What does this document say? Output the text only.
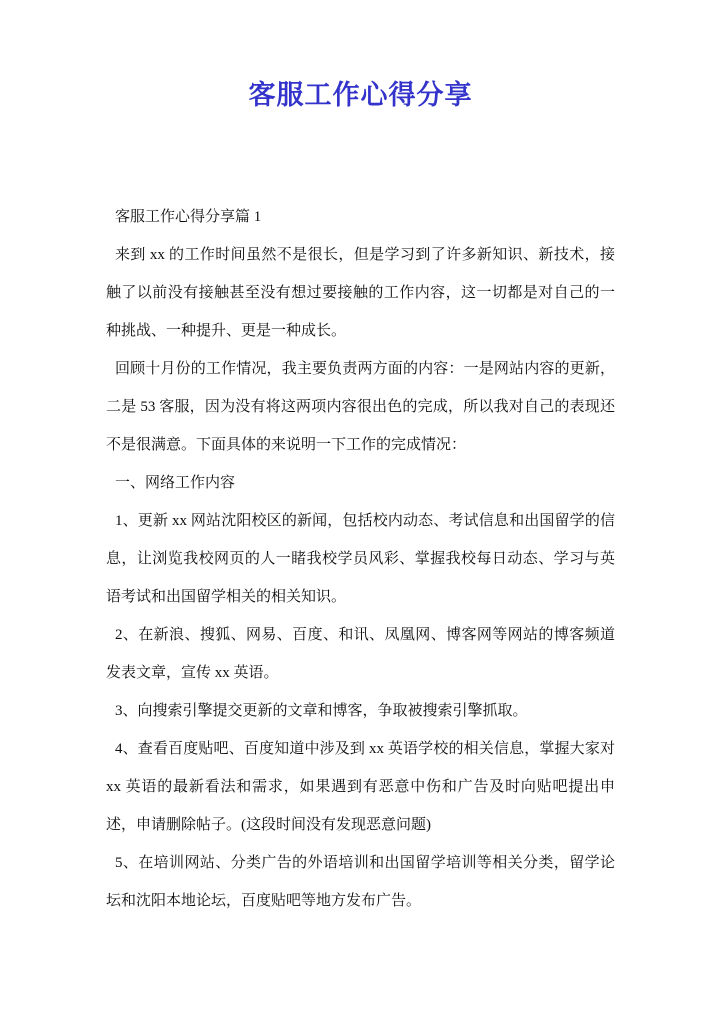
客服工作心得分享

客服工作心得分享篇 1

来到 xx 的工作时间虽然不是很长，但是学习到了许多新知识、新技术，接触了以前没有接触甚至没有想过要接触的工作内容，这一切都是对自己的一种挑战、一种提升、更是一种成长。

回顾十月份的工作情况，我主要负责两方面的内容：一是网站内容的更新，二是 53 客服，因为没有将这两项内容很出色的完成，所以我对自己的表现还不是很满意。下面具体的来说明一下工作的完成情况：

一、网络工作内容

1、更新 xx 网站沈阳校区的新闻，包括校内动态、考试信息和出国留学的信息，让浏览我校网页的人一睹我校学员风彩、掌握我校每日动态、学习与英语考试和出国留学相关的相关知识。

2、在新浪、搜狐、网易、百度、和讯、凤凰网、博客网等网站的博客频道发表文章，宣传 xx 英语。

3、向搜索引擎提交更新的文章和博客，争取被搜索引擎抓取。

4、查看百度贴吧、百度知道中涉及到 xx 英语学校的相关信息，掌握大家对 xx 英语的最新看法和需求，如果遇到有恶意中伤和广告及时向贴吧提出申述，申请删除帖子。(这段时间没有发现恶意问题)

5、在培训网站、分类广告的外语培训和出国留学培训等相关分类，留学论坛和沈阳本地论坛，百度贴吧等地方发布广告。
